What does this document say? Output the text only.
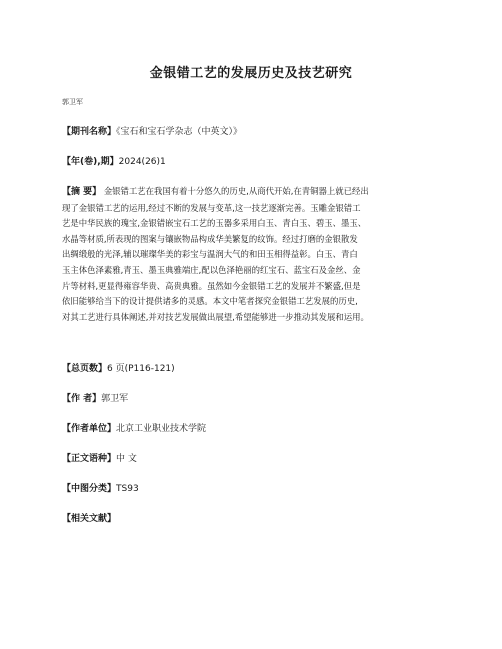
金银错工艺的发展历史及技艺研究
郭卫军
【期刊名称】《宝石和宝石学杂志（中英文）》
【年(卷),期】2024(26)1
【摘 要】 金银错工艺在我国有着十分悠久的历史,从商代开始,在青铜器上就已经出
现了金银错工艺的运用,经过不断的发展与变革,这一技艺逐渐完善。玉雕金银错工
艺是中华民族的瑰宝,金银错嵌宝石工艺的玉器多采用白玉、青白玉、碧玉、墨玉、
水晶等材质,所表现的图案与镶嵌物品构成华美繁复的纹饰。经过打磨的金银散发
出绸缎般的光泽,辅以璀璨华美的彩宝与温润大气的和田玉相得益彰。白玉、青白
玉主体色泽素雅,青玉、墨玉典雅端庄,配以色泽艳丽的红宝石、蓝宝石及金丝、金
片等材料,更显得雍容华贵、高贵典雅。虽然如今金银错工艺的发展并不繁盛,但是
依旧能够给当下的设计提供诸多的灵感。本文中笔者探究金银错工艺发展的历史,
对其工艺进行具体阐述,并对技艺发展做出展望,希望能够进一步推动其发展和运用。
【总页数】6 页(P116-121)
【作 者】郭卫军
【作者单位】北京工业职业技术学院
【正文语种】中 文
【中图分类】TS93
【相关文献】
